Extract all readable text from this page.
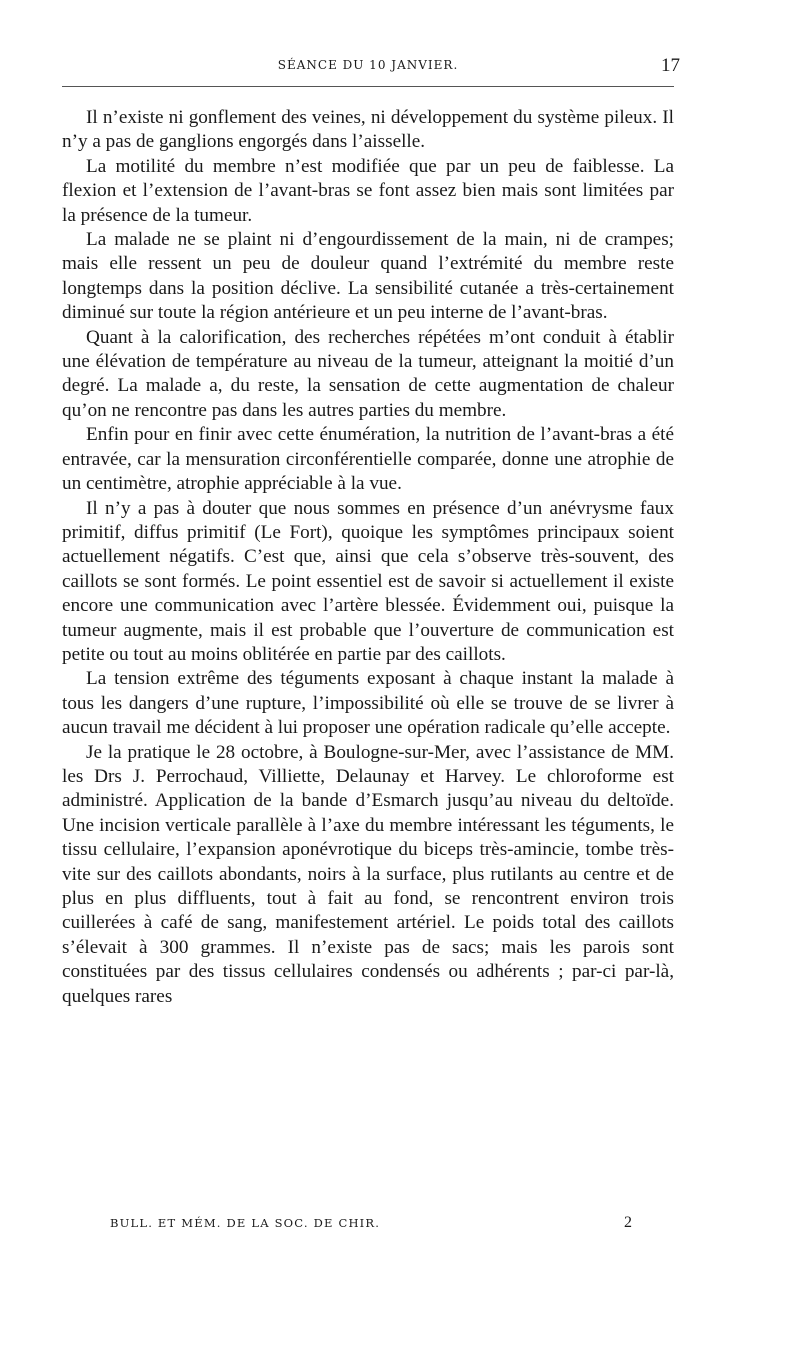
SÉANCE DU 10 JANVIER.	17

Il n’existe ni gonflement des veines, ni développement du système pileux. Il n’y a pas de ganglions engorgés dans l’aisselle.

La motilité du membre n’est modifiée que par un peu de faiblesse. La flexion et l’extension de l’avant-bras se font assez bien mais sont limitées par la présence de la tumeur.

La malade ne se plaint ni d’engourdissement de la main, ni de crampes; mais elle ressent un peu de douleur quand l’extrémité du membre reste longtemps dans la position déclive. La sensibilité cutanée a très-certainement diminué sur toute la région antérieure et un peu interne de l’avant-bras.

Quant à la calorification, des recherches répétées m’ont conduit à établir une élévation de température au niveau de la tumeur, atteignant la moitié d’un degré. La malade a, du reste, la sensation de cette augmentation de chaleur qu’on ne rencontre pas dans les autres parties du membre.

Enfin pour en finir avec cette énumération, la nutrition de l’avant-bras a été entravée, car la mensuration circonférentielle comparée, donne une atrophie de un centimètre, atrophie appréciable à la vue.

Il n’y a pas à douter que nous sommes en présence d’un anévrysme faux primitif, diffus primitif (Le Fort), quoique les symptômes principaux soient actuellement négatifs. C’est que, ainsi que cela s’observe très-souvent, des caillots se sont formés. Le point essentiel est de savoir si actuellement il existe encore une communication avec l’artère blessée. Évidemment oui, puisque la tumeur augmente, mais il est probable que l’ouverture de communication est petite ou tout au moins oblitérée en partie par des caillots.

La tension extrême des téguments exposant à chaque instant la malade à tous les dangers d’une rupture, l’impossibilité où elle se trouve de se livrer à aucun travail me décident à lui proposer une opération radicale qu’elle accepte.

Je la pratique le 28 octobre, à Boulogne-sur-Mer, avec l’assistance de MM. les Drs J. Perrochaud, Villiette, Delaunay et Harvey. Le chloroforme est administré. Application de la bande d’Esmarch jusqu’au niveau du deltoïde. Une incision verticale parallèle à l’axe du membre intéressant les téguments, le tissu cellulaire, l’expansion aponévrotique du biceps très-amincie, tombe très-vite sur des caillots abondants, noirs à la surface, plus rutilants au centre et de plus en plus diffluents, tout à fait au fond, se rencontrent environ trois cuillerées à café de sang, manifestement artériel. Le poids total des caillots s’élevait à 300 grammes. Il n’existe pas de sacs; mais les parois sont constituées par des tissus cellulaires condensés ou adhérents ; par-ci par-là, quelques rares

BULL. ET MÉM. DE LA SOC. DE CHIR.	2
